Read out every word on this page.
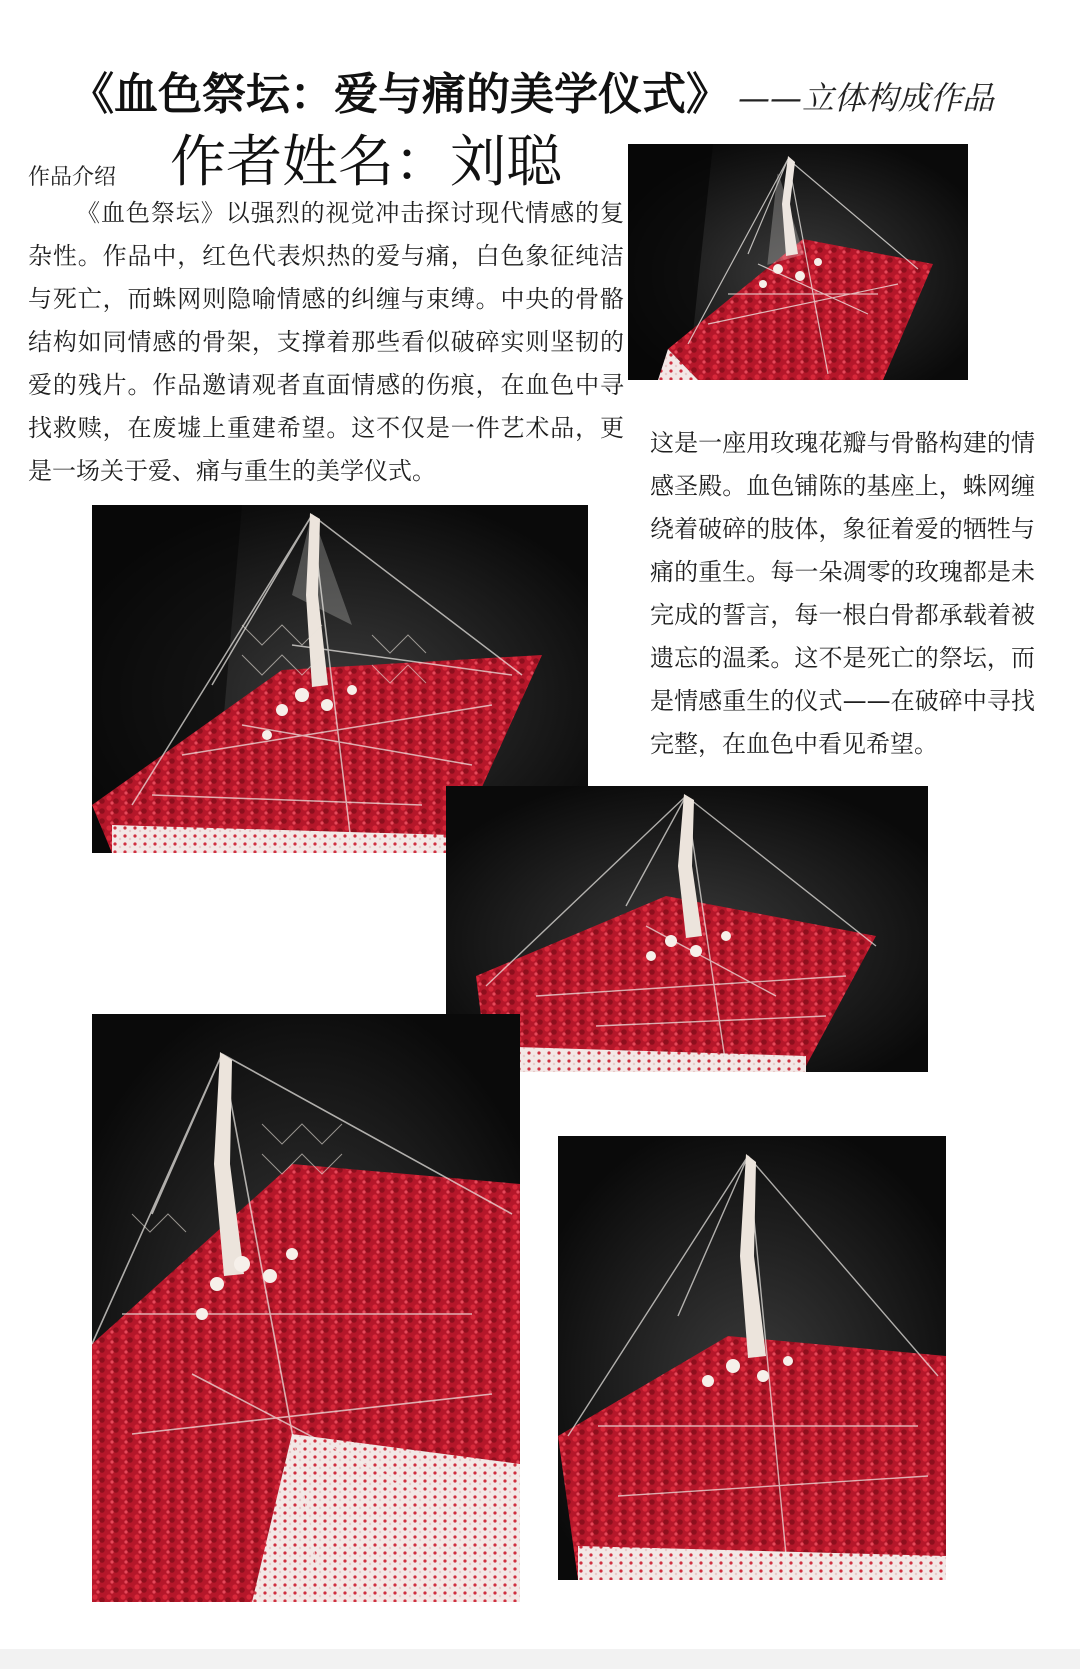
《血色祭坛：爱与痛的美学仪式》 ——立体构成作品
作者姓名：刘聪
作品介绍
《血色祭坛》以强烈的视觉冲击探讨现代情感的复杂性。作品中，红色代表炽热的爱与痛，白色象征纯洁与死亡，而蛛网则隐喻情感的纠缠与束缚。中央的骨骼结构如同情感的骨架，支撑着那些看似破碎实则坚韧的爱的残片。作品邀请观者直面情感的伤痕，在血色中寻找救赎，在废墟上重建希望。这不仅是一件艺术品，更是一场关于爱、痛与重生的美学仪式。
这是一座用玫瑰花瓣与骨骼构建的情感圣殿。血色铺陈的基座上，蛛网缠绕着破碎的肢体，象征着爱的牺牲与痛的重生。每一朵凋零的玫瑰都是未完成的誓言，每一根白骨都承载着被遗忘的温柔。这不是死亡的祭坛，而是情感重生的仪式——在破碎中寻找完整，在血色中看见希望。
